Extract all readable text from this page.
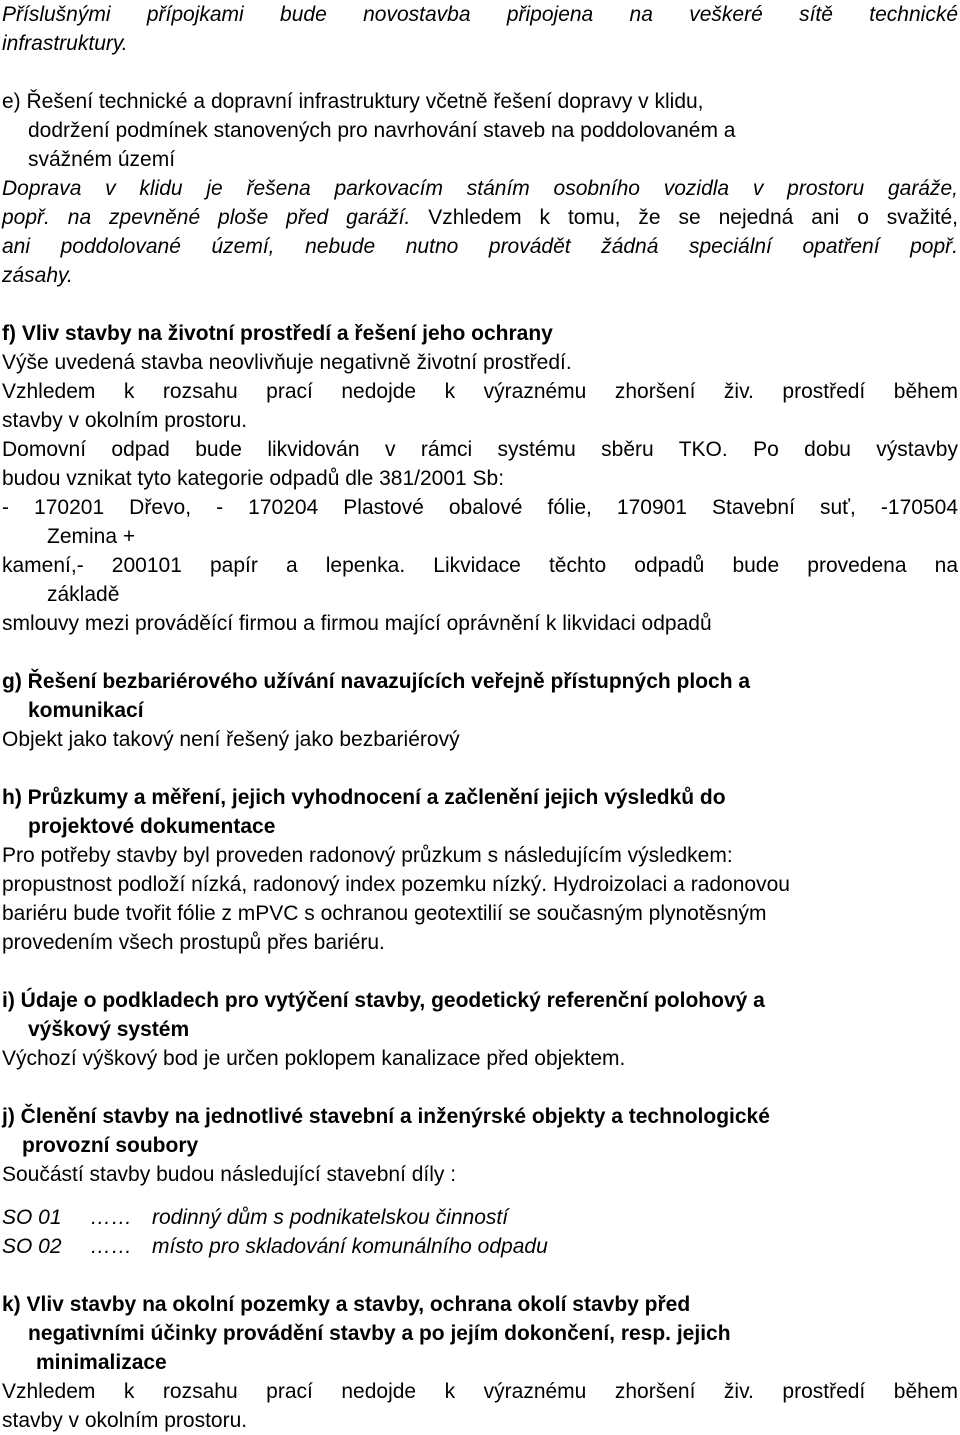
Příslušnými přípojkami bude novostavba připojena na veškeré sítě technické

infrastruktury.

e) Řešení technické a dopravní infrastruktury včetně řešení dopravy v klidu,

dodržení podmínek stanovených pro navrhování staveb na poddolovaném a

svážném území

Doprava v klidu je řešena parkovacím stáním osobního vozidla v prostoru garáže,

popř. na zpevněné ploše před garáží. Vzhledem k tomu, že se nejedná ani o svažité,

ani poddolované území, nebude nutno provádět žádná speciální opatření popř.

zásahy.

f) Vliv stavby na životní prostředí a řešení jeho ochrany

Výše uvedená stavba neovlivňuje negativně životní prostředí.

Vzhledem k rozsahu prací nedojde k výraznému zhoršení živ. prostředí během

stavby v okolním prostoru.

Domovní odpad bude likvidován v rámci systému sběru TKO. Po dobu výstavby

budou vznikat tyto kategorie odpadů dle 381/2001 Sb:

- 170201 Dřevo, - 170204 Plastové obalové fólie, 170901 Stavební suť, -170504

Zemina +

kamení,- 200101 papír a lepenka. Likvidace těchto odpadů bude provedena na

základě

smlouvy mezi prováděící firmou a firmou mající oprávnění k likvidaci odpadů

g) Řešení bezbariérového užívání navazujících veřejně přístupných ploch a

komunikací

Objekt jako takový není řešený jako bezbariérový

h) Průzkumy a měření, jejich vyhodnocení a začlenění jejich výsledků do

projektové dokumentace

Pro potřeby stavby byl proveden radonový průzkum s následujícím výsledkem:

propustnost podloží nízká, radonový index pozemku nízký. Hydroizolaci a radonovou

bariéru bude tvořit fólie z mPVC s ochranou geotextilií se současným plynotěsným

provedením všech prostupů přes bariéru.

i) Údaje o podkladech pro vytýčení stavby, geodetický referenční polohový a

výškový systém

Výchozí výškový bod je určen poklopem kanalizace před objektem.

j) Členění stavby na jednotlivé stavební a inženýrské objekty a technologické

provozní soubory

Součástí stavby budou následující stavební díly :

SO 01	…… rodinný dům s podnikatelskou činností
SO 02	…… místo pro skladování komunálního odpadu

k) Vliv stavby na okolní pozemky a stavby, ochrana okolí stavby před

negativními účinky provádění stavby a po jejím dokončení, resp. jejich

minimalizace

Vzhledem k rozsahu prací nedojde k výraznému zhoršení živ. prostředí během

stavby v okolním prostoru.
